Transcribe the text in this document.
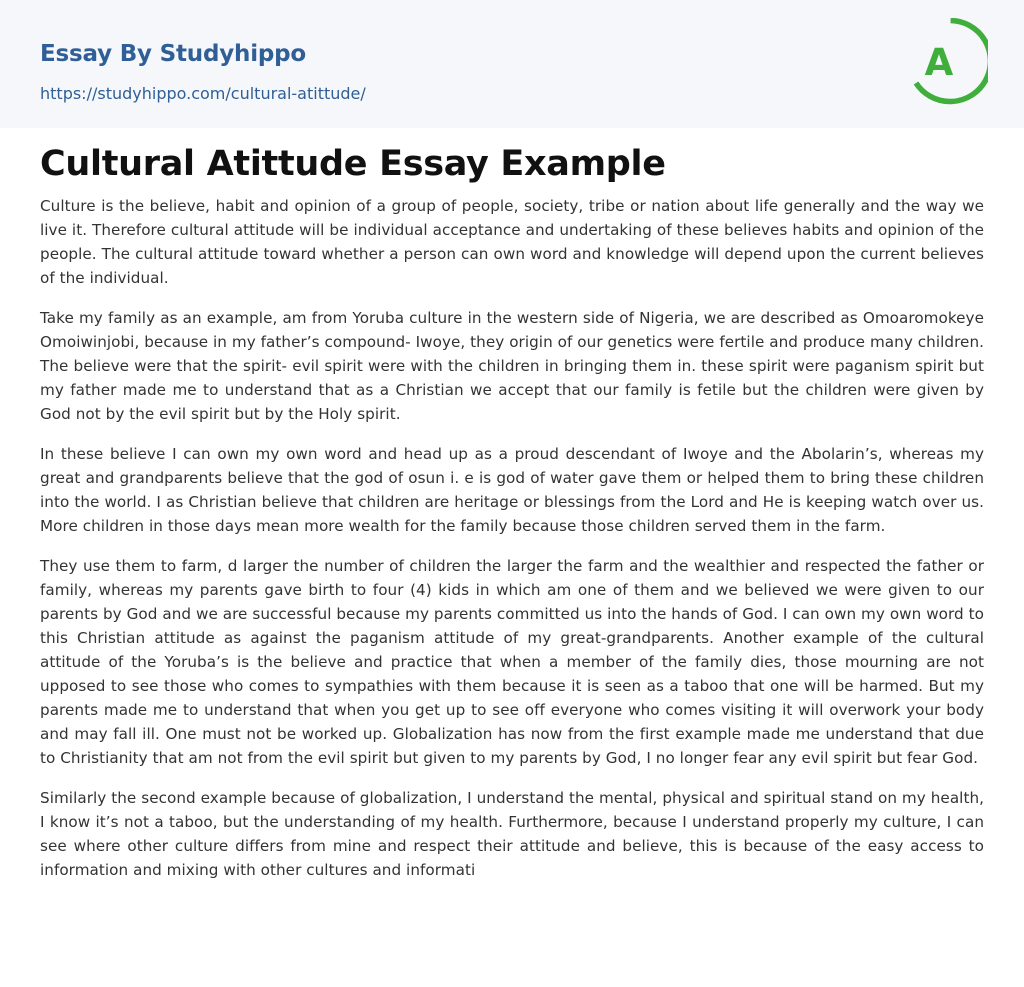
Essay By Studyhippo
https://studyhippo.com/cultural-atittude/
A
Cultural Atittude Essay Example

Culture is the believe, habit and opinion of a group of people, society, tribe or nation about life generally and the way we live it. Therefore cultural attitude will be individual acceptance and undertaking of these believes habits and opinion of the people. The cultural attitude toward whether a person can own word and knowledge will depend upon the current believes of the individual.

Take my family as an example, am from Yoruba culture in the western side of Nigeria, we are described as Omoaromokeye Omoiwinjobi, because in my father’s compound- Iwoye, they origin of our genetics were fertile and produce many children. The believe were that the spirit- evil spirit were with the children in bringing them in. these spirit were paganism spirit but my father made me to understand that as a Christian we accept that our family is fetile but the children were given by God not by the evil spirit but by the Holy spirit.

In these believe I can own my own word and head up as a proud descendant of Iwoye and the Abolarin’s, whereas my great and grandparents believe that the god of osun i. e is god of water gave them or helped them to bring these children into the world. I as Christian believe that children are heritage or blessings from the Lord and He is keeping watch over us. More children in those days mean more wealth for the family because those children served them in the farm.

They use them to farm, d larger the number of children the larger the farm and the wealthier and respected the father or family, whereas my parents gave birth to four (4) kids in which am one of them and we believed we were given to our parents by God and we are successful because my parents committed us into the hands of God. I can own my own word to this Christian attitude as against the paganism attitude of my great-grandparents. Another example of the cultural attitude of the Yoruba’s is the believe and practice that when a member of the family dies, those mourning are not upposed to see those who comes to sympathies with them because it is seen as a taboo that one will be harmed. But my parents made me to understand that when you get up to see off everyone who comes visiting it will overwork your body and may fall ill. One must not be worked up. Globalization has now from the first example made me understand that due to Christianity that am not from the evil spirit but given to my parents by God, I no longer fear any evil spirit but fear God.

Similarly the second example because of globalization, I understand the mental, physical and spiritual stand on my health, I know it’s not a taboo, but the understanding of my health. Furthermore, because I understand properly my culture, I can see where other culture differs from mine and respect their attitude and believe, this is because of the easy access to information and mixing with other cultures and informati
